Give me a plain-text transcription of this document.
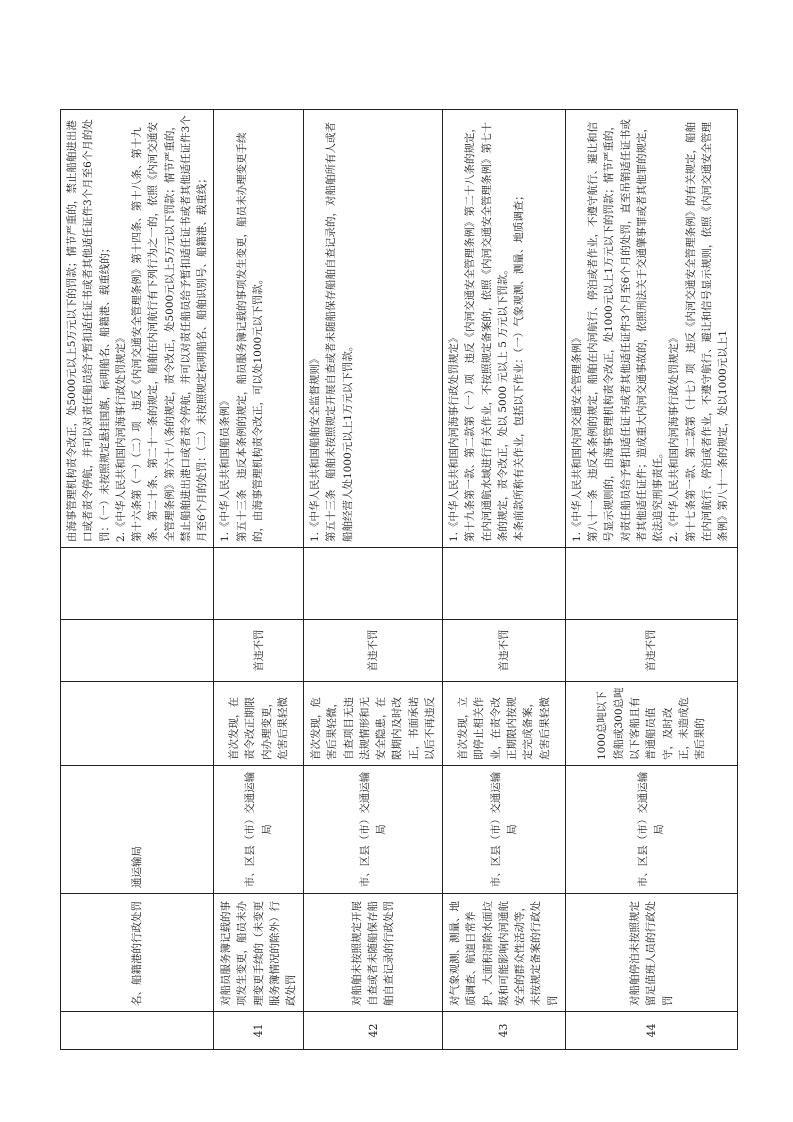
	名、船籍港的行政处罚	通运输局				由海事管理机构责令改正，处5000元以上5万元以下的罚款；情节严重的，禁止船舶进出港口或者责令停航，并可以对责任船员给予暂扣适任证书或者其他适任证件3个月至6个月的处罚：（一）未按照规定悬挂国旗，标明船名、船籍港、载重线的；
2.《中华人民共和国内河海事行政处罚规定》
第十六条第（一）（二）项　违反《内河交通安全管理条例》第十四条、第十八条、第十九条、第二十条、第二十一条的规定，船舶在内河航行有下列行为之一的，依照《内河交通安全管理条例》第六十八条的规定，责令改正，处5000元以上5万元以下罚款；情节严重的，禁止船舶进出港口或者责令停航，并可以对责任船员给予暂扣适任证书或者其他适任证件3个月至6个月的处罚：（二）未按照规定标明船名、船舶识别号、船籍港、载重线；
41	对船员服务簿记载的事项发生变更，船员未办理变更手续的（未变更服务簿情况的除外）行政处罚	市、区县（市）交通运输局	首次发现，在责令改正期限内办理变更，危害后果轻微	首违不罚		1.《中华人民共和国船员条例》
第五十三条　违反本条例的规定，船员服务簿记载的事项发生变更，船员未办理变更手续的，由海事管理机构责令改正，可以处1000元以下罚款。
42	对船舶未按照规定开展自查或者未随船保存船舶自查记录的行政处罚	市、区县（市）交通运输局	首次发现，危害后果轻微，自查项目无违法规情形和无安全隐患，在限期内及时改正，书面承诺以后不再违反	首违不罚		1.《中华人民共和国船舶安全监督规则》
第五十三条　船舶未按照规定开展自查或者未随船保存船舶自查记录的，对船舶所有人或者船舶经营人处1000元以上1万元以下罚款。
43	对气象观测、测量、地质调查、航道日常养护、大面积清除水面垃圾和可能影响内河通航安全的群众性活动等，未按规定备案的行政处罚	市、区县（市）交通运输局	首次发现，立即停止相关作业，在责令改正期限内按规定完成备案，危害后果轻微	首违不罚		1.《中华人民共和国内河海事行政处罚规定》
第十九条第一款、第二款第（一）项　违反《内河交通安全管理条例》第二十八条的规定，在内河通航水域进行有关作业，不按照规定备案的，依照《内河交通安全管理条例》第七十条的规定，责令改正，处以 5000 元以上 5 万元以下罚款。
本条前款所称有关作业，包括以下作业：（一）气象观测、测量、地质调查；
44	对船舶停泊未按照规定留足值班人员的行政处罚	市、区县（市）交通运输局	1000总吨以下货船或300总吨以下客船且有普通船员值守，及时改正，未造成危害后果的	首违不罚		1.《中华人民共和国内河交通安全管理条例》
第八十一条　违反本条例的规定，船舶在内河航行、停泊或者作业，不遵守航行、避让和信号显示规则的，由海事管理机构责令改正，处1000元以上1万元以下的罚款；情节严重的，对责任船员给予暂扣适任证书或者其他适任证件3个月至6个月的处罚，直至吊销适任证书或者其他适任证件；造成重大内河交通事故的，依照刑法关于交通肇事罪或者其他罪的规定，依法追究刑事责任。
2.《中华人民共和国内河海事行政处罚规定》
第十七条第一款、第二款第（十七）项　违反《内河交通安全管理条例》的有关规定，船舶在内河航行、停泊或者作业，不遵守航行、避让和信号显示规则，依照《内河交通安全管理条例》第八十一条的规定，处以1000元以上1
